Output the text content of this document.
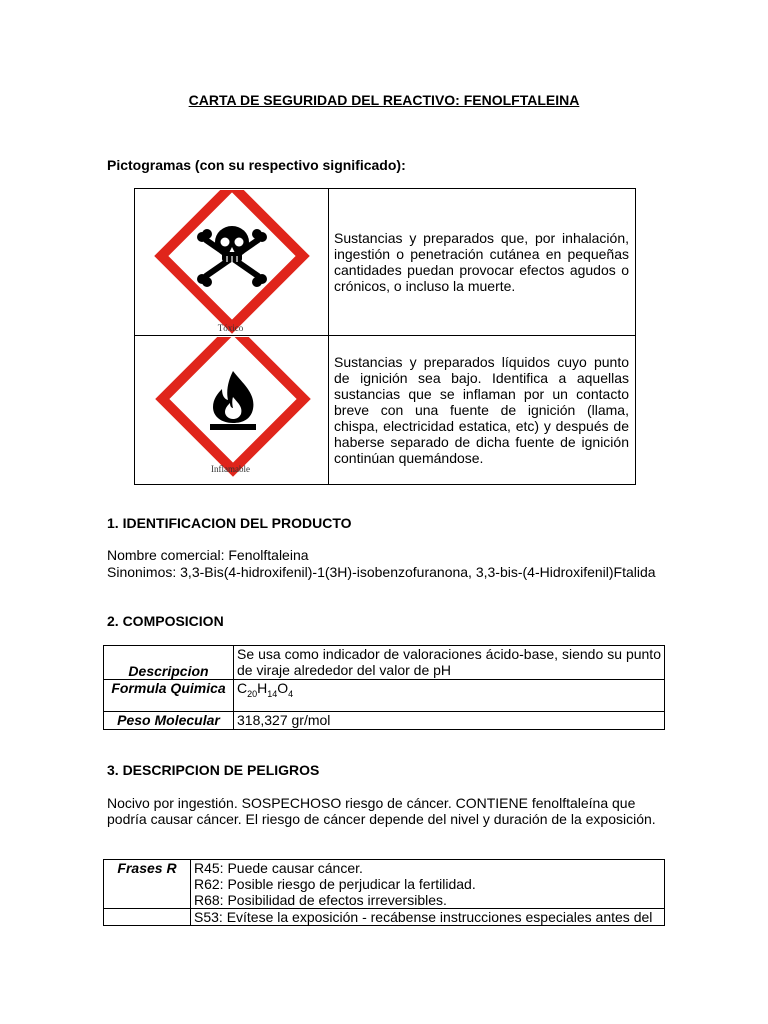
CARTA DE SEGURIDAD DEL REACTIVO: FENOLFTALEINA
Pictogramas (con su respectivo significado):
Tóxico	Sustancias y preparados que, por inhalación, ingestión o penetración cutánea en pequeñas cantidades puedan provocar efectos agudos o crónicos, o incluso la muerte.

Inflamable	Sustancias y preparados líquidos cuyo punto de ignición sea bajo. Identifica a aquellas sustancias que se inflaman por un contacto breve con una fuente de ignición (llama, chispa, electricidad estatica, etc) y después de haberse separado de dicha fuente de ignición continúan quemándose.
1. IDENTIFICACION DEL PRODUCTO
Nombre comercial: Fenolftaleina
Sinonimos: 3,3-Bis(4-hidroxifenil)-1(3H)-isobenzofuranona, 3,3-bis-(4-Hidroxifenil)Ftalida
2. COMPOSICION
Descripcion	Se usa como indicador de valoraciones ácido-base, siendo su punto de viraje alrededor del valor de pH
Formula Quimica	$C_{20}H_{14}O_4$
Peso Molecular	318,327 gr/mol
3. DESCRIPCION DE PELIGROS
Nocivo por ingestión. SOSPECHOSO riesgo de cáncer. CONTIENE fenolftaleína que podría causar cáncer. El riesgo de cáncer depende del nivel y duración de la exposición.
Frases R	R45: Puede causar cáncer.
R62: Posible riesgo de perjudicar la fertilidad.
R68: Posibilidad de efectos irreversibles.

	S53: Evítese la exposición - recábense instrucciones especiales antes del
